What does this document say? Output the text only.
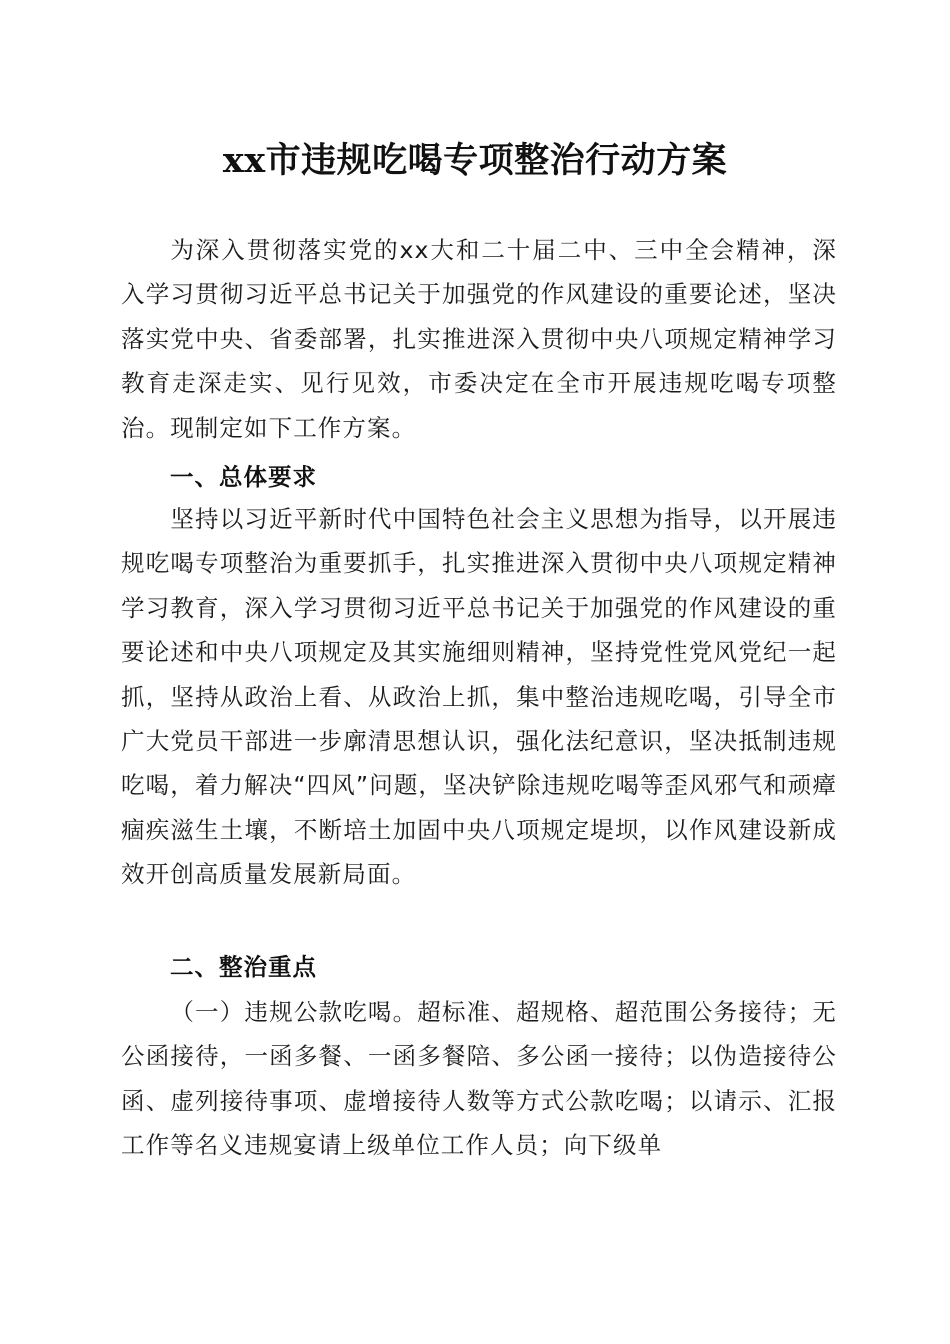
xx市违规吃喝专项整治行动方案

为深入贯彻落实党的xx大和二十届二中、三中全会精神，深入学习贯彻习近平总书记关于加强党的作风建设的重要论述，坚决落实党中央、省委部署，扎实推进深入贯彻中央八项规定精神学习教育走深走实、见行见效，市委决定在全市开展违规吃喝专项整治。现制定如下工作方案。

一、总体要求

坚持以习近平新时代中国特色社会主义思想为指导，以开展违规吃喝专项整治为重要抓手，扎实推进深入贯彻中央八项规定精神学习教育，深入学习贯彻习近平总书记关于加强党的作风建设的重要论述和中央八项规定及其实施细则精神，坚持党性党风党纪一起抓，坚持从政治上看、从政治上抓，集中整治违规吃喝，引导全市广大党员干部进一步廓清思想认识，强化法纪意识，坚决抵制违规吃喝，着力解决“四风”问题，坚决铲除违规吃喝等歪风邪气和顽瘴痼疾滋生土壤，不断培土加固中央八项规定堤坝，以作风建设新成效开创高质量发展新局面。

二、整治重点

（一）违规公款吃喝。超标准、超规格、超范围公务接待；无公函接待，一函多餐、一函多餐陪、多公函一接待；以伪造接待公函、虚列接待事项、虚增接待人数等方式公款吃喝；以请示、汇报工作等名义违规宴请上级单位工作人员；向下级单
